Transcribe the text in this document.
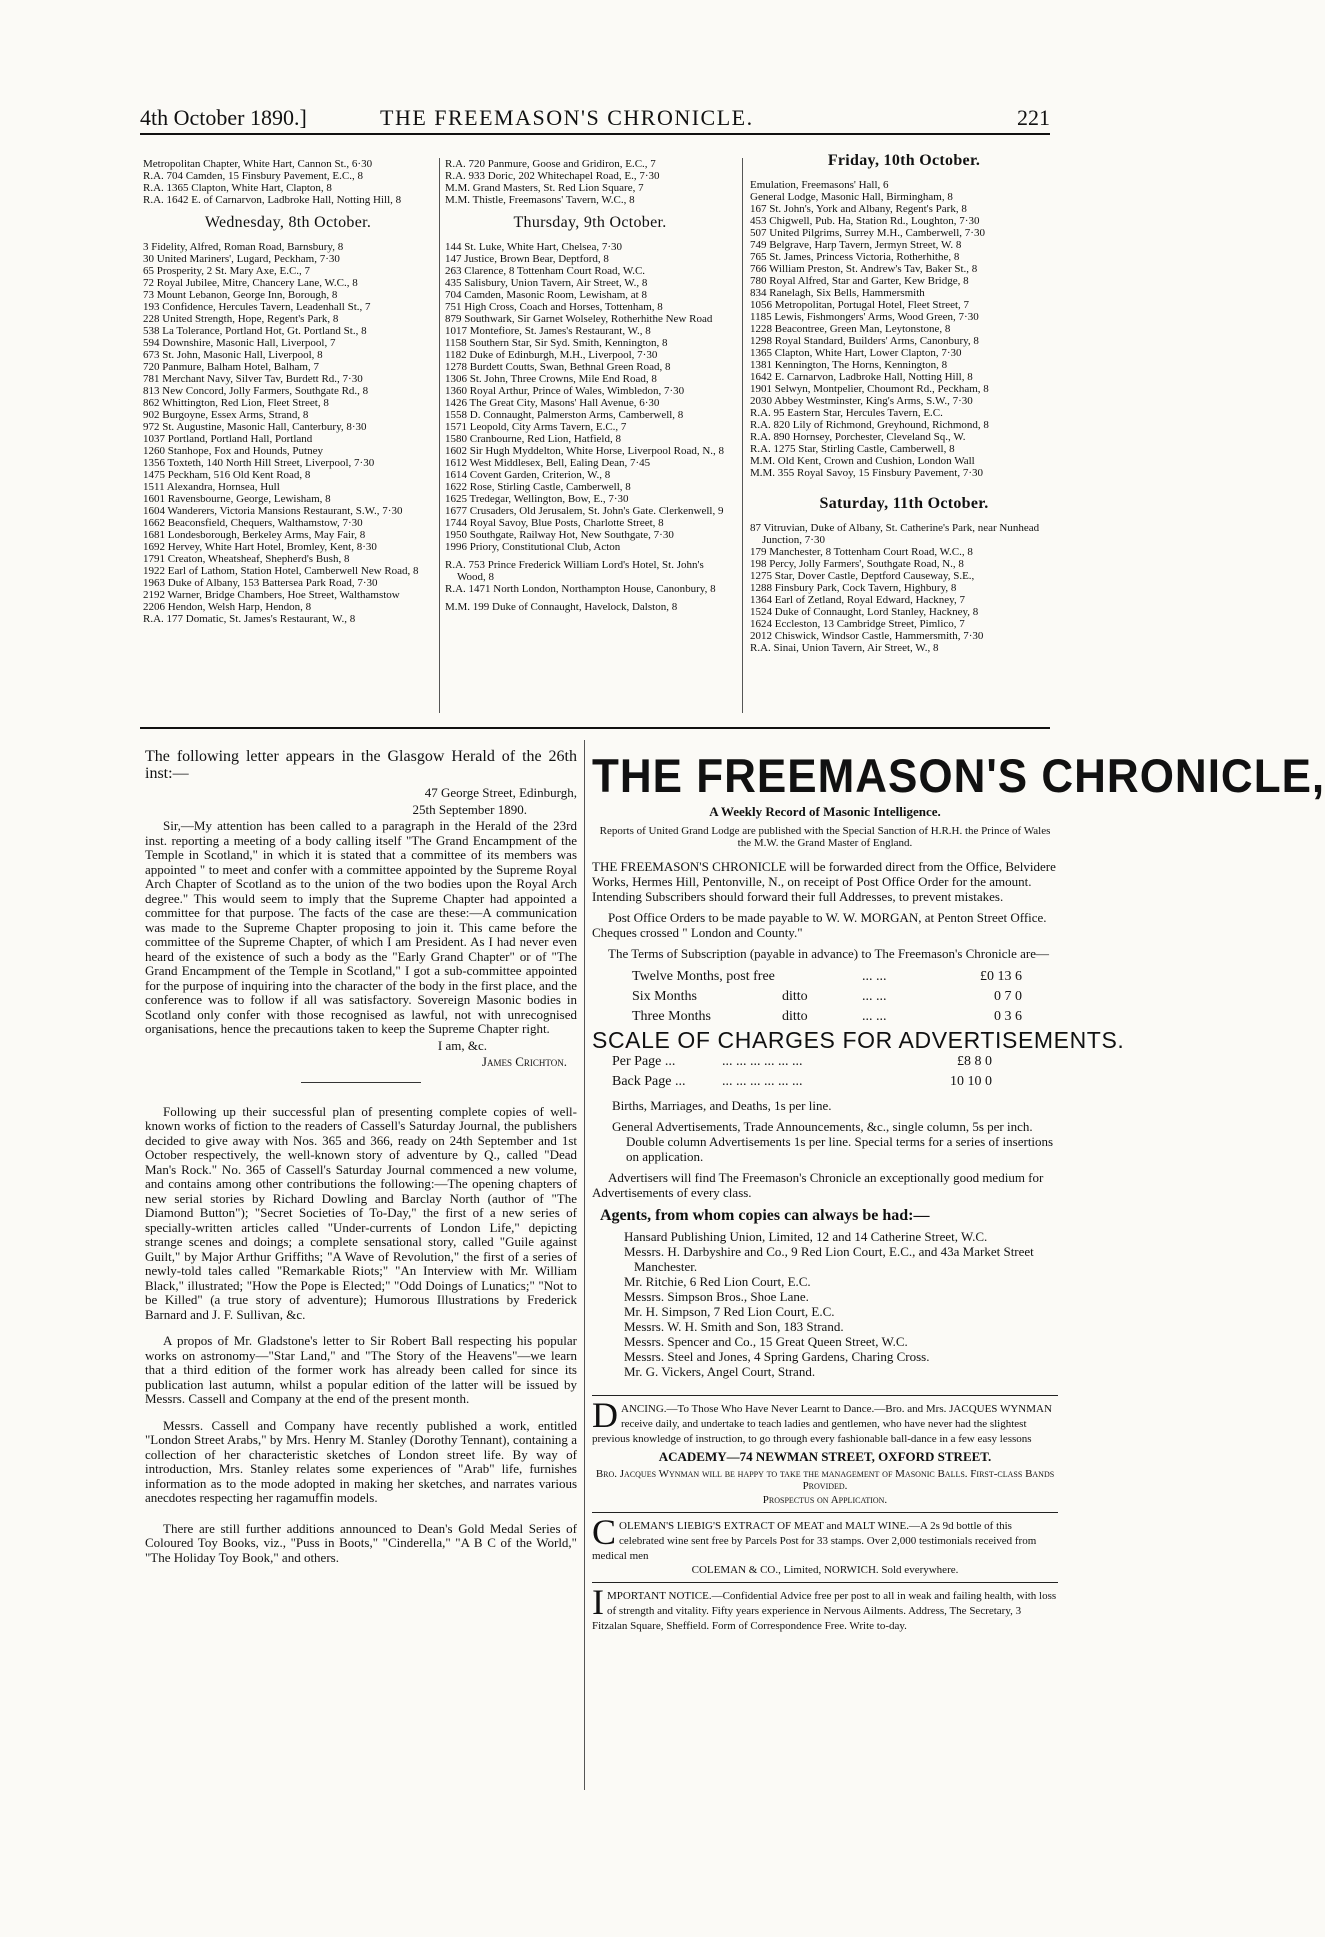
4th October 1890.]	THE FREEMASON'S CHRONICLE.	221
Metropolitan Chapter, White Hart, Cannon St., 6·30
R.A. 704 Camden, 15 Finsbury Pavement, E.C., 8
R.A. 1365 Clapton, White Hart, Clapton, 8
R.A. 1642 E. of Carnarvon, Ladbroke Hall, Notting Hill, 8
Wednesday, 8th October.
3 Fidelity, Alfred, Roman Road, Barnsbury, 8
30 United Mariners', Lugard, Peckham, 7·30
65 Prosperity, 2 St. Mary Axe, E.C., 7
72 Royal Jubilee, Mitre, Chancery Lane, W.C., 8
73 Mount Lebanon, George Inn, Borough, 8
193 Confidence, Hercules Tavern, Leadenhall St., 7
228 United Strength, Hope, Regent's Park, 8
538 La Tolerance, Portland Hot, Gt. Portland St., 8
594 Downshire, Masonic Hall, Liverpool, 7
673 St. John, Masonic Hall, Liverpool, 8
720 Panmure, Balham Hotel, Balham, 7
781 Merchant Navy, Silver Tav, Burdett Rd., 7·30
813 New Concord, Jolly Farmers, Southgate Rd., 8
862 Whittington, Red Lion, Fleet Street, 8
902 Burgoyne, Essex Arms, Strand, 8
972 St. Augustine, Masonic Hall, Canterbury, 8·30
1037 Portland, Portland Hall, Portland
1260 Stanhope, Fox and Hounds, Putney
1356 Toxteth, 140 North Hill Street, Liverpool, 7·30
1475 Peckham, 516 Old Kent Road, 8
1511 Alexandra, Hornsea, Hull
1601 Ravensbourne, George, Lewisham, 8
1604 Wanderers, Victoria Mansions Restaurant, S.W., 7·30
1662 Beaconsfield, Chequers, Walthamstow, 7·30
1681 Londesborough, Berkeley Arms, May Fair, 8
1692 Hervey, White Hart Hotel, Bromley, Kent, 8·30
1791 Creaton, Wheatsheaf, Shepherd's Bush, 8
1922 Earl of Lathom, Station Hotel, Camberwell New Road, 8
1963 Duke of Albany, 153 Battersea Park Road, 7·30
2192 Warner, Bridge Chambers, Hoe Street, Walthamstow
2206 Hendon, Welsh Harp, Hendon, 8
R.A. 177 Domatic, St. James's Restaurant, W., 8
R.A. 720 Panmure, Goose and Gridiron, E.C., 7
R.A. 933 Doric, 202 Whitechapel Road, E., 7·30
M.M. Grand Masters, St. Red Lion Square, 7
M.M. Thistle, Freemasons' Tavern, W.C., 8
Thursday, 9th October.
144 St. Luke, White Hart, Chelsea, 7·30
147 Justice, Brown Bear, Deptford, 8
263 Clarence, 8 Tottenham Court Road, W.C.
435 Salisbury, Union Tavern, Air Street, W., 8
704 Camden, Masonic Room, Lewisham, at 8
751 High Cross, Coach and Horses, Tottenham, 8
879 Southwark, Sir Garnet Wolseley, Rotherhithe New Road
1017 Montefiore, St. James's Restaurant, W., 8
1158 Southern Star, Sir Syd. Smith, Kennington, 8
1182 Duke of Edinburgh, M.H., Liverpool, 7·30
1278 Burdett Coutts, Swan, Bethnal Green Road, 8
1306 St. John, Three Crowns, Mile End Road, 8
1360 Royal Arthur, Prince of Wales, Wimbledon, 7·30
1426 The Great City, Masons' Hall Avenue, 6·30
1558 D. Connaught, Palmerston Arms, Camberwell, 8
1571 Leopold, City Arms Tavern, E.C., 7
1580 Cranbourne, Red Lion, Hatfield, 8
1602 Sir Hugh Myddelton, White Horse, Liverpool Road, N., 8
1612 West Middlesex, Bell, Ealing Dean, 7·45
1614 Covent Garden, Criterion, W., 8
1622 Rose, Stirling Castle, Camberwell, 8
1625 Tredegar, Wellington, Bow, E., 7·30
1677 Crusaders, Old Jerusalem, St. John's Gate. Clerkenwell, 9
1744 Royal Savoy, Blue Posts, Charlotte Street, 8
1950 Southgate, Railway Hot, New Southgate, 7·30
1996 Priory, Constitutional Club, Acton
R.A. 753 Prince Frederick William Lord's Hotel, St. John's Wood, 8
R.A. 1471 North London, Northampton House, Canonbury, 8
M.M. 199 Duke of Connaught, Havelock, Dalston, 8
Friday, 10th October.
Emulation, Freemasons' Hall, 6
General Lodge, Masonic Hall, Birmingham, 8
167 St. John's, York and Albany, Regent's Park, 8
453 Chigwell, Pub. Ha, Station Rd., Loughton, 7·30
507 United Pilgrims, Surrey M.H., Camberwell, 7·30
749 Belgrave, Harp Tavern, Jermyn Street, W. 8
765 St. James, Princess Victoria, Rotherhithe, 8
766 William Preston, St. Andrew's Tav, Baker St., 8
780 Royal Alfred, Star and Garter, Kew Bridge, 8
834 Ranelagh, Six Bells, Hammersmith
1056 Metropolitan, Portugal Hotel, Fleet Street, 7
1185 Lewis, Fishmongers' Arms, Wood Green, 7·30
1228 Beacontree, Green Man, Leytonstone, 8
1298 Royal Standard, Builders' Arms, Canonbury, 8
1365 Clapton, White Hart, Lower Clapton, 7·30
1381 Kennington, The Horns, Kennington, 8
1642 E. Carnarvon, Ladbroke Hall, Notting Hill, 8
1901 Selwyn, Montpelier, Choumont Rd., Peckham, 8
2030 Abbey Westminster, King's Arms, S.W., 7·30
R.A. 95 Eastern Star, Hercules Tavern, E.C.
R.A. 820 Lily of Richmond, Greyhound, Richmond, 8
R.A. 890 Hornsey, Porchester, Cleveland Sq., W.
R.A. 1275 Star, Stirling Castle, Camberwell, 8
M.M. Old Kent, Crown and Cushion, London Wall
M.M. 355 Royal Savoy, 15 Finsbury Pavement, 7·30
Saturday, 11th October.
87 Vitruvian, Duke of Albany, St. Catherine's Park, near Nunhead Junction, 7·30
179 Manchester, 8 Tottenham Court Road, W.C., 8
198 Percy, Jolly Farmers', Southgate Road, N., 8
1275 Star, Dover Castle, Deptford Causeway, S.E.,
1288 Finsbury Park, Cock Tavern, Highbury, 8
1364 Earl of Zetland, Royal Edward, Hackney, 7
1524 Duke of Connaught, Lord Stanley, Hackney, 8
1624 Eccleston, 13 Cambridge Street, Pimlico, 7
2012 Chiswick, Windsor Castle, Hammersmith, 7·30
R.A. Sinai, Union Tavern, Air Street, W., 8

The following letter appears in the Glasgow Herald of the 26th inst:—

47 George Street, Edinburgh,

25th September 1890.

Sir,—My attention has been called to a paragraph in the Herald of the 23rd inst. reporting a meeting of a body calling itself "The Grand Encampment of the Temple in Scotland," in which it is stated that a committee of its members was appointed " to meet and confer with a committee appointed by the Supreme Royal Arch Chapter of Scotland as to the union of the two bodies upon the Royal Arch degree." This would seem to imply that the Supreme Chapter had appointed a committee for that purpose. The facts of the case are these:—A communication was made to the Supreme Chapter proposing to join it. This came before the committee of the Supreme Chapter, of which I am President. As I had never even heard of the existence of such a body as the "Early Grand Chapter" or of "The Grand Encampment of the Temple in Scotland," I got a sub-committee appointed for the purpose of inquiring into the character of the body in the first place, and the conference was to follow if all was satisfactory. Sovereign Masonic bodies in Scotland only confer with those recognised as lawful, not with unrecognised organisations, hence the precautions taken to keep the Supreme Chapter right.

I am, &c.

James Crichton.

Following up their successful plan of presenting complete copies of well-known works of fiction to the readers of Cassell's Saturday Journal, the publishers decided to give away with Nos. 365 and 366, ready on 24th September and 1st October respectively, the well-known story of adventure by Q., called "Dead Man's Rock." No. 365 of Cassell's Saturday Journal commenced a new volume, and contains among other contributions the following:—The opening chapters of new serial stories by Richard Dowling and Barclay North (author of "The Diamond Button"); "Secret Societies of To-Day," the first of a new series of specially-written articles called "Under-currents of London Life," depicting strange scenes and doings; a complete sensational story, called "Guile against Guilt," by Major Arthur Griffiths; "A Wave of Revolution," the first of a series of newly-told tales called "Remarkable Riots;" "An Interview with Mr. William Black," illustrated; "How the Pope is Elected;" "Odd Doings of Lunatics;" "Not to be Killed" (a true story of adventure); Humorous Illustrations by Frederick Barnard and J. F. Sullivan, &c.

A propos of Mr. Gladstone's letter to Sir Robert Ball respecting his popular works on astronomy—"Star Land," and "The Story of the Heavens"—we learn that a third edition of the former work has already been called for since its publication last autumn, whilst a popular edition of the latter will be issued by Messrs. Cassell and Company at the end of the present month.

Messrs. Cassell and Company have recently published a work, entitled "London Street Arabs," by Mrs. Henry M. Stanley (Dorothy Tennant), containing a collection of her characteristic sketches of London street life. By way of introduction, Mrs. Stanley relates some experiences of "Arab" life, furnishes information as to the mode adopted in making her sketches, and narrates various anecdotes respecting her ragamuffin models.

There are still further additions announced to Dean's Gold Medal Series of Coloured Toy Books, viz., "Puss in Boots," "Cinderella," "A B C of the World," "The Holiday Toy Book," and others.

THE FREEMASON'S CHRONICLE,
A Weekly Record of Masonic Intelligence.
Reports of United Grand Lodge are published with the Special Sanction of H.R.H. the Prince of Wales the M.W. the Grand Master of England.

THE FREEMASON'S CHRONICLE will be forwarded direct from the Office, Belvidere Works, Hermes Hill, Pentonville, N., on receipt of Post Office Order for the amount. Intending Subscribers should forward their full Addresses, to prevent mistakes.

Post Office Orders to be made payable to W. W. MORGAN, at Penton Street Office. Cheques crossed " London and County."

The Terms of Subscription (payable in advance) to The Freemason's Chronicle are—

Twelve Months, post free	... ...	£0 13 6
Six Months	ditto	... ...	0 7 0
Three Months	ditto	... ...	0 3 6
SCALE OF CHARGES FOR ADVERTISEMENTS.
Per Page ...	... ... ... ... ... ...	£8 8 0
Back Page ...	... ... ... ... ... ...	10 10 0

Births, Marriages, and Deaths, 1s per line.

General Advertisements, Trade Announcements, &c., single column, 5s per inch. Double column Advertisements 1s per line. Special terms for a series of insertions on application.

Advertisers will find The Freemason's Chronicle an exceptionally good medium for Advertisements of every class.

Agents, from whom copies can always be had:—
Hansard Publishing Union, Limited, 12 and 14 Catherine Street, W.C.
Messrs. H. Darbyshire and Co., 9 Red Lion Court, E.C., and 43a Market Street Manchester.
Mr. Ritchie, 6 Red Lion Court, E.C.
Messrs. Simpson Bros., Shoe Lane.
Mr. H. Simpson, 7 Red Lion Court, E.C.
Messrs. W. H. Smith and Son, 183 Strand.
Messrs. Spencer and Co., 15 Great Queen Street, W.C.
Messrs. Steel and Jones, 4 Spring Gardens, Charing Cross.
Mr. G. Vickers, Angel Court, Strand.
D ANCING.—To Those Who Have Never Learnt to Dance.—Bro. and Mrs. JACQUES WYNMAN receive daily, and undertake to teach ladies and gentlemen, who have never had the slightest previous knowledge of instruction, to go through every fashionable ball-dance in a few easy lessons
ACADEMY—74 NEWMAN STREET, OXFORD STREET.
Bro. Jacques Wynman will be happy to take the management of Masonic Balls. First-class Bands Provided.
Prospectus on Application.
C OLEMAN'S LIEBIG'S EXTRACT OF MEAT and MALT WINE.—A 2s 9d bottle of this celebrated wine sent free by Parcels Post for 33 stamps. Over 2,000 testimonials received from medical men
COLEMAN & CO., Limited, NORWICH. Sold everywhere.
I MPORTANT NOTICE.—Confidential Advice free per post to all in weak and failing health, with loss of strength and vitality. Fifty years experience in Nervous Ailments. Address, The Secretary, 3 Fitzalan Square, Sheffield. Form of Correspondence Free. Write to-day.
